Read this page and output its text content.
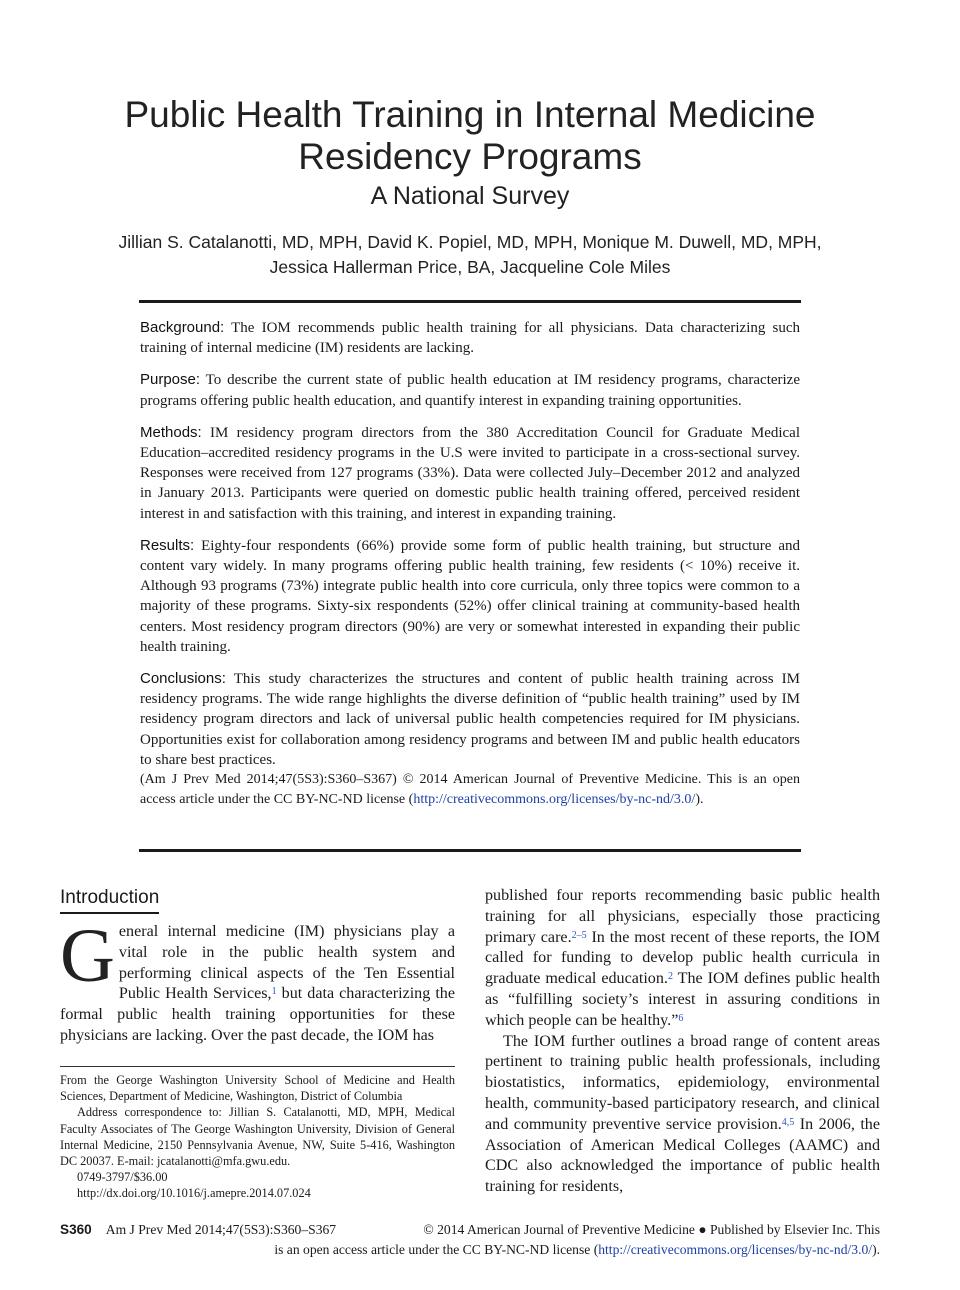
Public Health Training in Internal Medicine Residency Programs
A National Survey
Jillian S. Catalanotti, MD, MPH, David K. Popiel, MD, MPH, Monique M. Duwell, MD, MPH,
Jessica Hallerman Price, BA, Jacqueline Cole Miles

Background: The IOM recommends public health training for all physicians. Data characterizing such training of internal medicine (IM) residents are lacking.

Purpose: To describe the current state of public health education at IM residency programs, characterize programs offering public health education, and quantify interest in expanding training opportunities.

Methods: IM residency program directors from the 380 Accreditation Council for Graduate Medical Education–accredited residency programs in the U.S were invited to participate in a cross-sectional survey. Responses were received from 127 programs (33%). Data were collected July–December 2012 and analyzed in January 2013. Participants were queried on domestic public health training offered, perceived resident interest in and satisfaction with this training, and interest in expanding training.

Results: Eighty-four respondents (66%) provide some form of public health training, but structure and content vary widely. In many programs offering public health training, few residents (< 10%) receive it. Although 93 programs (73%) integrate public health into core curricula, only three topics were common to a majority of these programs. Sixty-six respondents (52%) offer clinical training at community-based health centers. Most residency program directors (90%) are very or somewhat interested in expanding their public health training.

Conclusions: This study characterizes the structures and content of public health training across IM residency programs. The wide range highlights the diverse definition of “public health training” used by IM residency program directors and lack of universal public health competencies required for IM physicians. Opportunities exist for collaboration among residency programs and between IM and public health educators to share best practices.

(Am J Prev Med 2014;47(5S3):S360–S367) © 2014 American Journal of Preventive Medicine. This is an open access article under the CC BY-NC-ND license (http://creativecommons.org/licenses/by-nc-nd/3.0/).

Introduction

General internal medicine (IM) physicians play a vital role in the public health system and performing clinical aspects of the Ten Essential Public Health Services,$^1$ but data characterizing the formal public health training opportunities for these physicians are lacking. Over the past decade, the IOM has

From the George Washington University School of Medicine and Health Sciences, Department of Medicine, Washington, District of Columbia

Address correspondence to: Jillian S. Catalanotti, MD, MPH, Medical Faculty Associates of The George Washington University, Division of General Internal Medicine, 2150 Pennsylvania Avenue, NW, Suite 5-416, Washington DC 20037. E-mail: jcatalanotti@mfa.gwu.edu.

0749-3797/$36.00

http://dx.doi.org/10.1016/j.amepre.2014.07.024

published four reports recommending basic public health training for all physicians, especially those practicing primary care.$^{2-5}$ In the most recent of these reports, the IOM called for funding to develop public health curricula in graduate medical education.$^2$ The IOM defines public health as “fulfilling society’s interest in assuring conditions in which people can be healthy.”$^6$

The IOM further outlines a broad range of content areas pertinent to training public health professionals, including biostatistics, informatics, epidemiology, environmental health, community-based participatory research, and clinical and community preventive service provision.$^{4,5}$ In 2006, the Association of American Medical Colleges (AAMC) and CDC also acknowledged the importance of public health training for residents,

S360 Am J Prev Med 2014;47(5S3):S360–S367	© 2014 American Journal of Preventive Medicine ● Published by Elsevier Inc. This
is an open access article under the CC BY-NC-ND license (http://creativecommons.org/licenses/by-nc-nd/3.0/).
